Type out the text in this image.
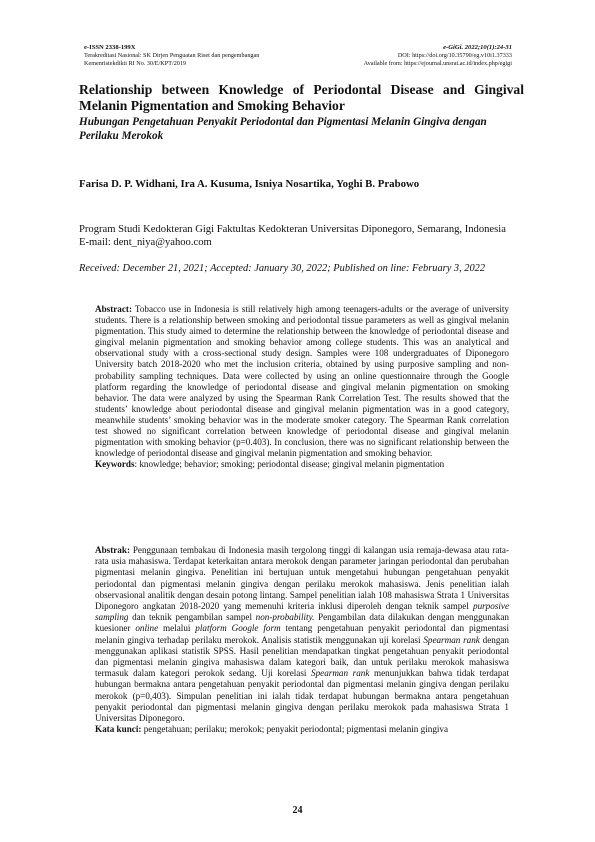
e-ISSN 2338-199X
Terakreditasi Nasional: SK Dirjen Penguatan Riset dan pengembangan
Kemenristekdikti RI No. 30/E/KPT/2019
e-GiGi. 2022;10(1):24-31
DOI: https://doi.org/10.35790/eg.v10i1.37333
Available from: https://ejournal.unsrat.ac.id/index.php/egigi
Relationship between Knowledge of Periodontal Disease and Gingival Melanin Pigmentation and Smoking Behavior
Hubungan Pengetahuan Penyakit Periodontal dan Pigmentasi Melanin Gingiva dengan Perilaku Merokok
Farisa D. P. Widhani, Ira A. Kusuma, Isniya Nosartika, Yoghi B. Prabowo
Program Studi Kedokteran Gigi Faktultas Kedokteran Universitas Diponegoro, Semarang, Indonesia
E-mail: dent_niya@yahoo.com
Received: December 21, 2021; Accepted: January 30, 2022; Published on line: February 3, 2022
Abstract: Tobacco use in Indonesia is still relatively high among teenagers-adults or the average of university students. There is a relationship between smoking and periodontal tissue parameters as well as gingival melanin pigmentation. This study aimed to determine the relationship between the knowledge of periodontal disease and gingival melanin pigmentation and smoking behavior among college students. This was an analytical and observational study with a cross-sectional study design. Samples were 108 undergraduates of Diponegoro University batch 2018-2020 who met the inclusion criteria, obtained by using purposive sampling and non-probability sampling techniques. Data were collected by using an online questionnaire through the Google platform regarding the knowledge of periodontal disease and gingival melanin pigmentation on smoking behavior. The data were analyzed by using the Spearman Rank Correlation Test. The results showed that the students’ knowledge about periodontal disease and gingival melanin pigmentation was in a good category, meanwhile students’ smoking behavior was in the moderate smoker category. The Spearman Rank correlation test showed no significant correlation between knowledge of periodontal disease and gingival melanin pigmentation with smoking behavior (p=0.403). In conclusion, there was no significant relationship between the knowledge of periodontal disease and gingival melanin pigmentation and smoking behavior.
Keywords: knowledge; behavior; smoking; periodontal disease; gingival melanin pigmentation
Abstrak: Penggunaan tembakau di Indonesia masih tergolong tinggi di kalangan usia remaja-dewasa atau rata-rata usia mahasiswa. Terdapat keterkaitan antara merokok dengan parameter jaringan periodontal dan perubahan pigmentasi melanin gingiva. Penelitian ini bertujuan untuk mengetahui hubungan pengetahuan penyakit periodontal dan pigmentasi melanin gingiva dengan perilaku merokok mahasiswa. Jenis penelitian ialah observasional analitik dengan desain potong lintang. Sampel penelitian ialah 108 mahasiswa Strata 1 Universitas Diponegoro angkatan 2018-2020 yang memenuhi kriteria inklusi diperoleh dengan teknik sampel purposive sampling dan teknik pengambilan sampel non-probability. Pengambilan data dilakukan dengan menggunakan kuesioner online melalui platform Google form tentang pengetahuan penyakit periodontal dan pigmentasi melanin gingiva terhadap perilaku merokok. Analisis statistik menggunakan uji korelasi Spearman rank dengan menggunakan aplikasi statistik SPSS. Hasil penelitian mendapatkan tingkat pengetahuan penyakit periodontal dan pigmentasi melanin gingiva mahasiswa dalam kategori baik, dan untuk perilaku merokok mahasiswa termasuk dalam kategori perokok sedang. Uji korelasi Spearman rank menunjukkan bahwa tidak terdapat hubungan bermakna antara pengetahuan penyakit periodontal dan pigmentasi melanin gingiva dengan perilaku merokok (p=0,403). Simpulan penelitian ini ialah tidak terdapat hubungan bermakna antara pengetahuan penyakit periodontal dan pigmentasi melanin gingiva dengan perilaku merokok pada mahasiswa Strata 1 Universitas Diponegoro.
Kata kunci: pengetahuan; perilaku; merokok; penyakit periodontal; pigmentasi melanin gingiva
24
